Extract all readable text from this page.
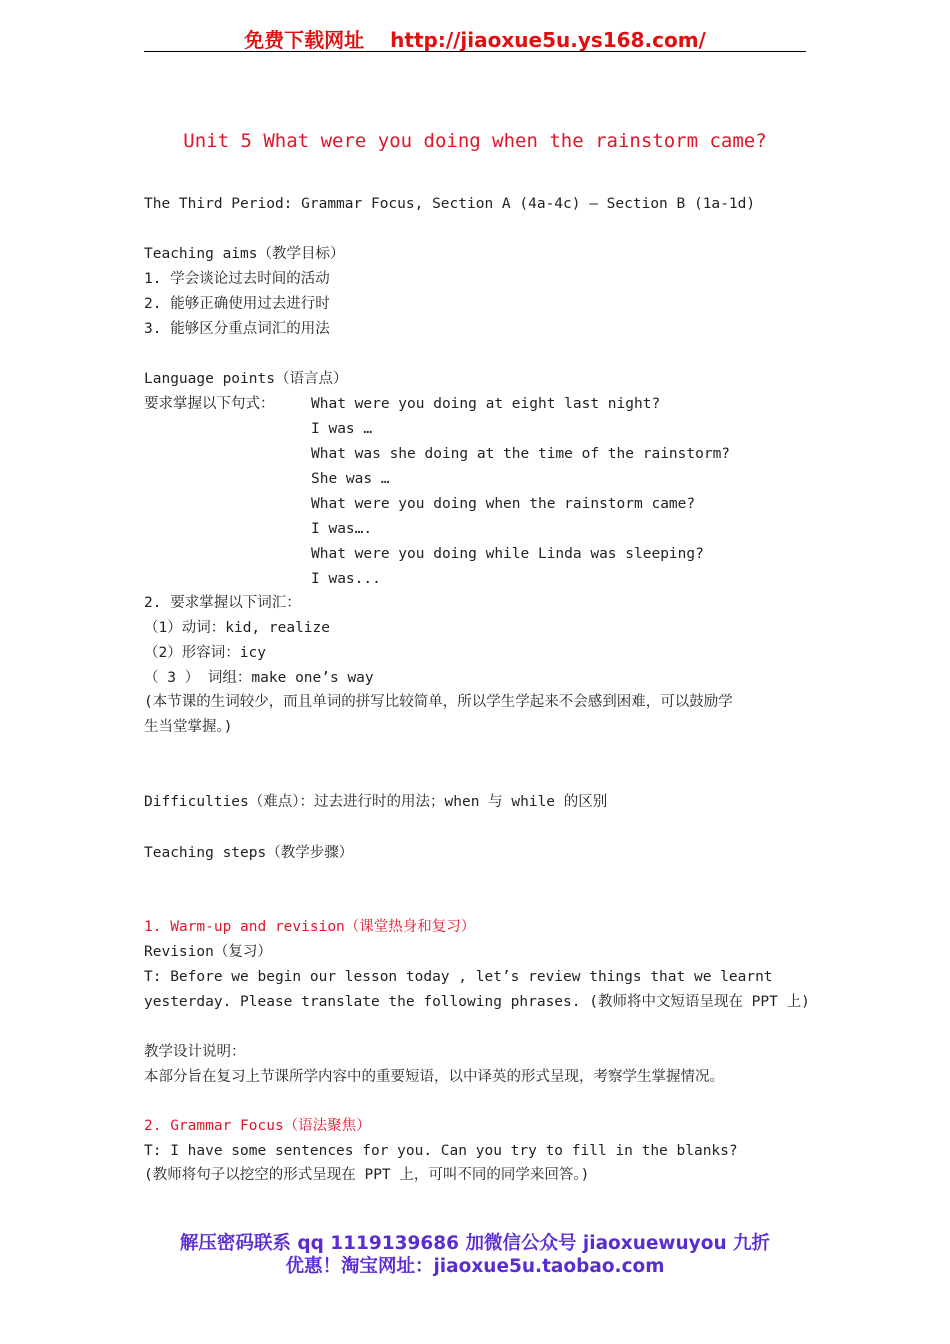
免费下载网址 http://jiaoxue5u.ys168.com/
Unit 5 What were you doing when the rainstorm came?
The Third Period: Grammar Focus, Section A (4a-4c) – Section B (1a-1d)
Teaching aims（教学目标）
1. 学会谈论过去时间的活动
2. 能够正确使用过去进行时
3. 能够区分重点词汇的用法
Language points（语言点）
要求掌握以下句式：	What were you doing at eight last night?
I was …
What was she doing at the time of the rainstorm?
She was …
What were you doing when the rainstorm came?
I was….
What were you doing while Linda was sleeping?
I was...
2. 要求掌握以下词汇：
（1）动词：kid, realize
（2）形容词：icy
（ 3 ） 词组：make one’s way
(本节课的生词较少，而且单词的拼写比较简单，所以学生学起来不会感到困难，可以鼓励学
生当堂掌握。)
Difficulties（难点）：过去进行时的用法；when 与 while 的区别
Teaching steps（教学步骤）
1. Warm-up and revision（课堂热身和复习）
Revision（复习）
T: Before we begin our lesson today , let’s review things that we learnt
yesterday. Please translate the following phrases. (教师将中文短语呈现在 PPT 上)
教学设计说明：
本部分旨在复习上节课所学内容中的重要短语，以中译英的形式呈现，考察学生掌握情况。
2. Grammar Focus（语法聚焦）
T: I have some sentences for you. Can you try to fill in the blanks?
(教师将句子以挖空的形式呈现在 PPT 上，可叫不同的同学来回答。)
解压密码联系 qq 1119139686 加微信公众号 jiaoxuewuyou 九折
优惠！淘宝网址：jiaoxue5u.taobao.com
